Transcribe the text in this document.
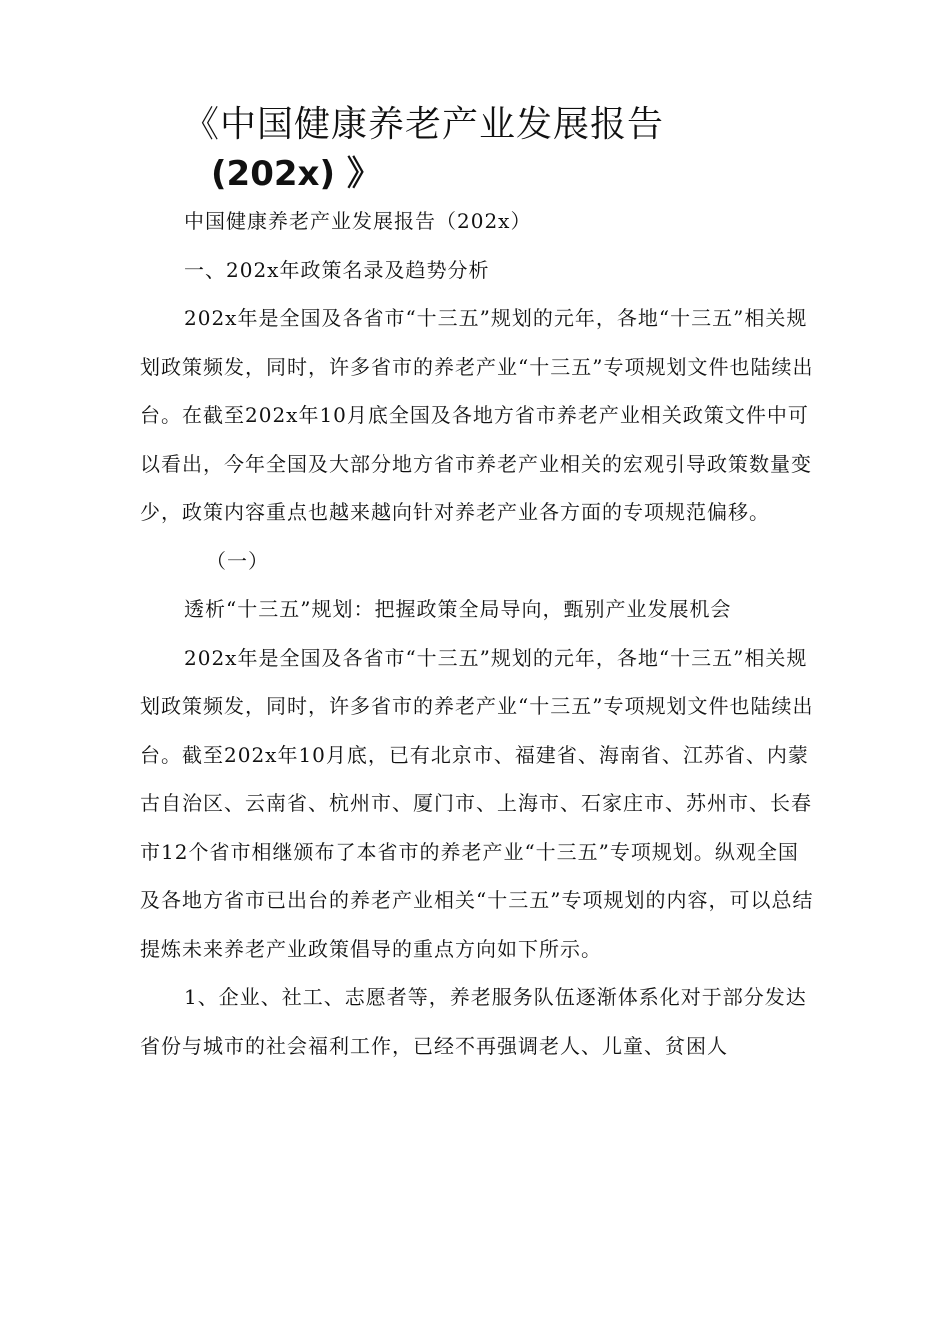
《中国健康养老产业发展报告
(202x) 》

中国健康养老产业发展报告（202x）

一、202x年政策名录及趋势分析

202x年是全国及各省市“十三五”规划的元年，各地“十三五”相关规划政策频发，同时，许多省市的养老产业“十三五”专项规划文件也陆续出台。在截至202x年10月底全国及各地方省市养老产业相关政策文件中可以看出，今年全国及大部分地方省市养老产业相关的宏观引导政策数量变少，政策内容重点也越来越向针对养老产业各方面的专项规范偏移。

（一）

透析“十三五”规划：把握政策全局导向，甄别产业发展机会

202x年是全国及各省市“十三五”规划的元年，各地“十三五”相关规划政策频发，同时，许多省市的养老产业“十三五”专项规划文件也陆续出台。截至202x年10月底，已有北京市、福建省、海南省、江苏省、内蒙古自治区、云南省、杭州市、厦门市、上海市、石家庄市、苏州市、长春市12个省市相继颁布了本省市的养老产业“十三五”专项规划。纵观全国及各地方省市已出台的养老产业相关“十三五”专项规划的内容，可以总结提炼未来养老产业政策倡导的重点方向如下所示。

1、企业、社工、志愿者等，养老服务队伍逐渐体系化对于部分发达省份与城市的社会福利工作，已经不再强调老人、儿童、贫困人
